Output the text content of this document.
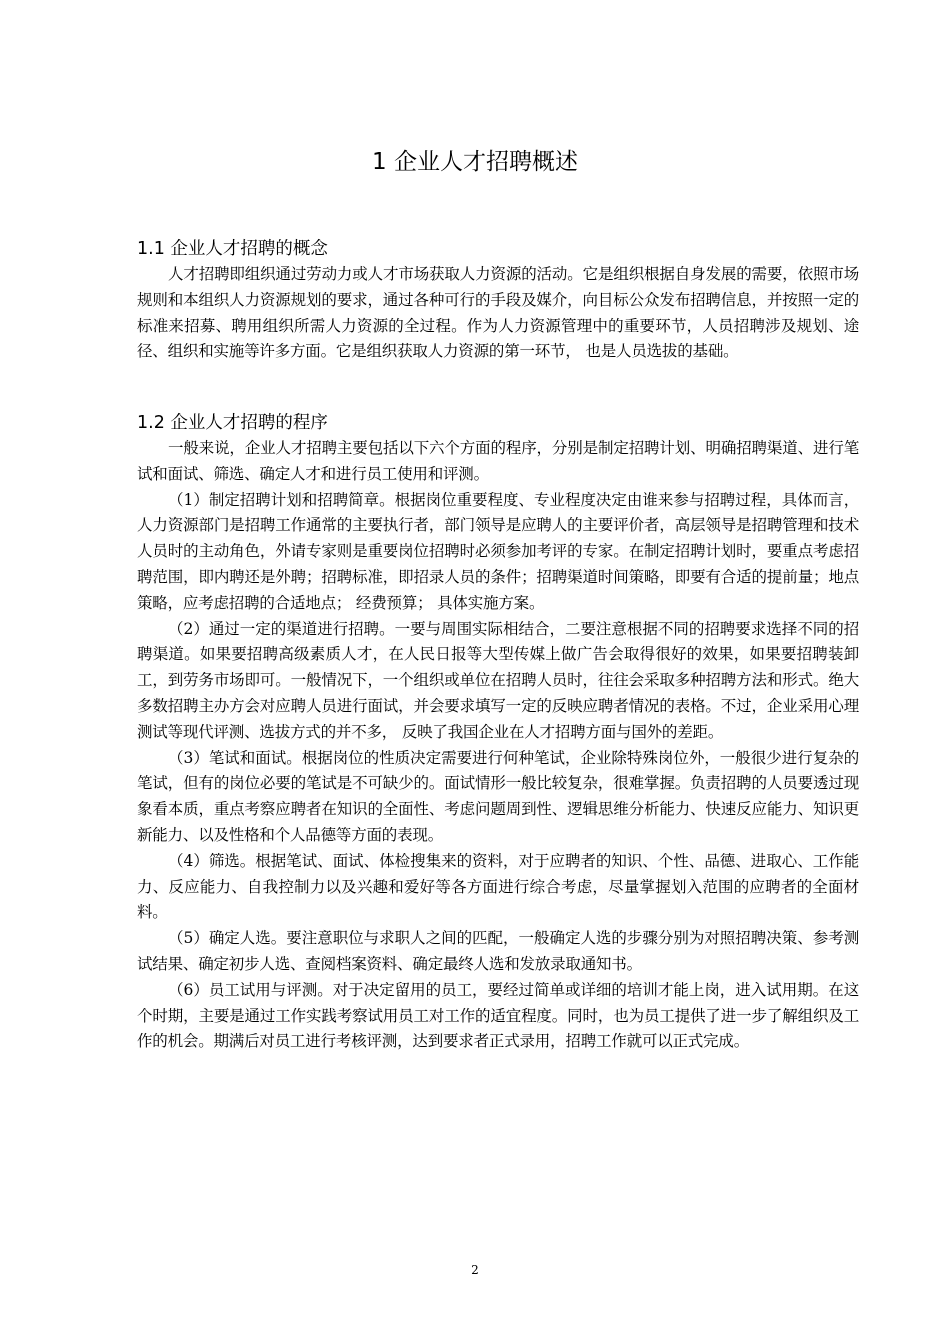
1 企业人才招聘概述
1.1 企业人才招聘的概念

人才招聘即组织通过劳动力或人才市场获取人力资源的活动。它是组织根据自身发展的需要，依照市场规则和本组织人力资源规划的要求，通过各种可行的手段及媒介，向目标公众发布招聘信息，并按照一定的标准来招募、聘用组织所需人力资源的全过程。作为人力资源管理中的重要环节，人员招聘涉及规划、途径、组织和实施等许多方面。它是组织获取人力资源的第一环节， 也是人员选拔的基础。

1.2 企业人才招聘的程序

一般来说，企业人才招聘主要包括以下六个方面的程序，分别是制定招聘计划、明确招聘渠道、进行笔试和面试、筛选、确定人才和进行员工使用和评测。

（1）制定招聘计划和招聘简章。根据岗位重要程度、专业程度决定由谁来参与招聘过程，具体而言，人力资源部门是招聘工作通常的主要执行者，部门领导是应聘人的主要评价者，高层领导是招聘管理和技术人员时的主动角色，外请专家则是重要岗位招聘时必须参加考评的专家。在制定招聘计划时，要重点考虑招聘范围，即内聘还是外聘；招聘标准，即招录人员的条件；招聘渠道时间策略，即要有合适的提前量；地点策略，应考虑招聘的合适地点； 经费预算； 具体实施方案。

（2）通过一定的渠道进行招聘。一要与周围实际相结合，二要注意根据不同的招聘要求选择不同的招聘渠道。如果要招聘高级素质人才，在人民日报等大型传媒上做广告会取得很好的效果，如果要招聘装卸工，到劳务市场即可。一般情况下，一个组织或单位在招聘人员时，往往会采取多种招聘方法和形式。绝大多数招聘主办方会对应聘人员进行面试，并会要求填写一定的反映应聘者情况的表格。不过，企业采用心理测试等现代评测、选拔方式的并不多， 反映了我国企业在人才招聘方面与国外的差距。

（3）笔试和面试。根据岗位的性质决定需要进行何种笔试，企业除特殊岗位外，一般很少进行复杂的笔试，但有的岗位必要的笔试是不可缺少的。面试情形一般比较复杂，很难掌握。负责招聘的人员要透过现象看本质，重点考察应聘者在知识的全面性、考虑问题周到性、逻辑思维分析能力、快速反应能力、知识更新能力、以及性格和个人品德等方面的表现。

（4）筛选。根据笔试、面试、体检搜集来的资料，对于应聘者的知识、个性、品德、进取心、工作能力、反应能力、自我控制力以及兴趣和爱好等各方面进行综合考虑，尽量掌握划入范围的应聘者的全面材料。

（5）确定人选。要注意职位与求职人之间的匹配，一般确定人选的步骤分别为对照招聘决策、参考测试结果、确定初步人选、查阅档案资料、确定最终人选和发放录取通知书。

（6）员工试用与评测。对于决定留用的员工，要经过简单或详细的培训才能上岗，进入试用期。在这个时期，主要是通过工作实践考察试用员工对工作的适宜程度。同时，也为员工提供了进一步了解组织及工作的机会。期满后对员工进行考核评测，达到要求者正式录用，招聘工作就可以正式完成。

2
